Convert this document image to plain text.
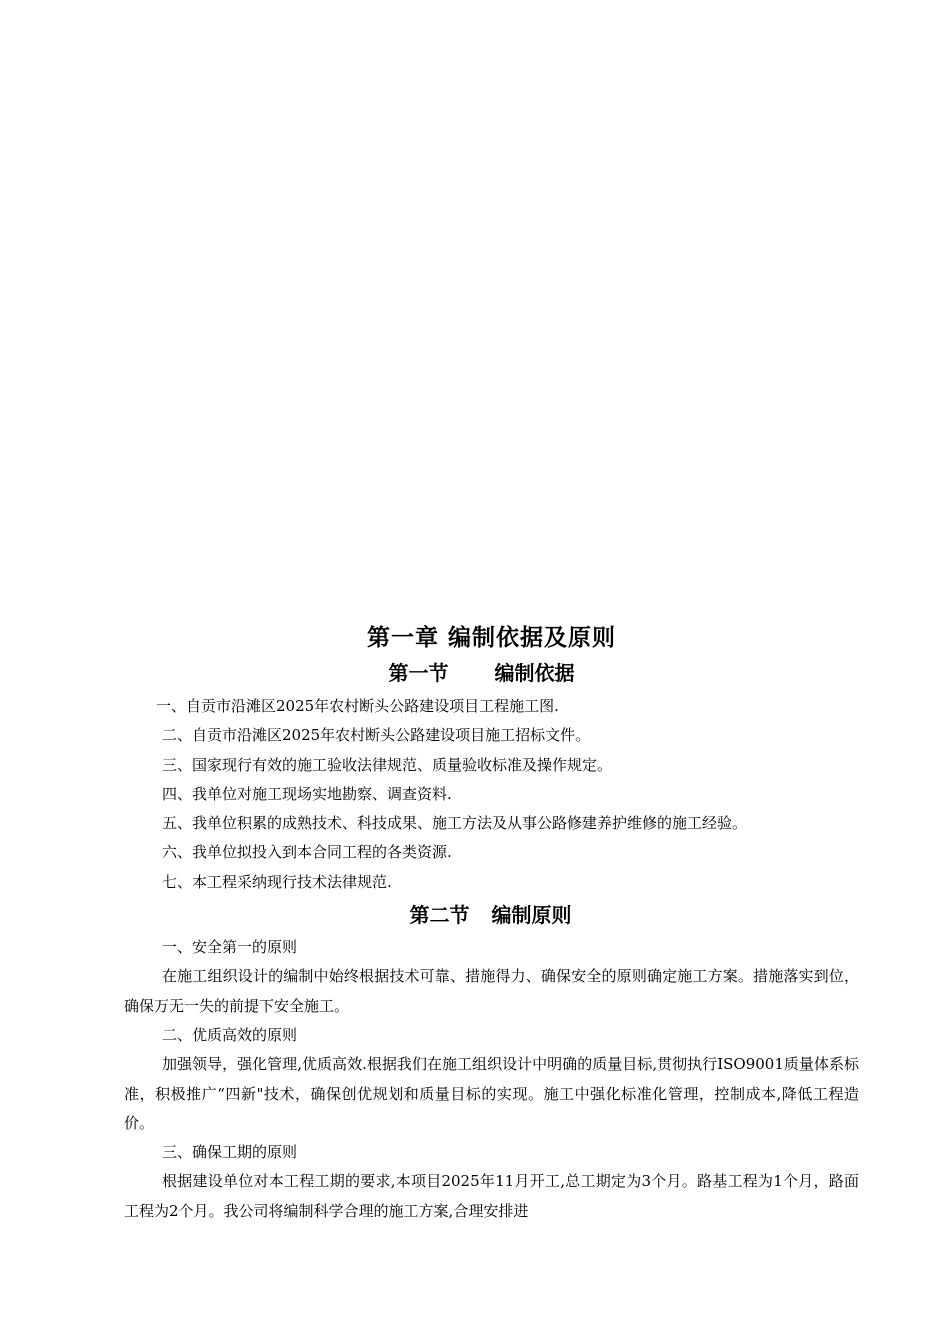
第一章 编制依据及原则
第一节 编制依据

一、自贡市沿滩区2025年农村断头公路建设项目工程施工图.

二、自贡市沿滩区2025年农村断头公路建设项目施工招标文件。

三、国家现行有效的施工验收法律规范、质量验收标准及操作规定。

四、我单位对施工现场实地勘察、调查资料.

五、我单位积累的成熟技术、科技成果、施工方法及从事公路修建养护维修的施工经验。

六、我单位拟投入到本合同工程的各类资源.

七、本工程采纳现行技术法律规范.

第二节 编制原则

一、安全第一的原则

在施工组织设计的编制中始终根据技术可靠、措施得力、确保安全的原则确定施工方案。措施落实到位，确保万无一失的前提下安全施工。

二、优质高效的原则

加强领导，强化管理,优质高效.根据我们在施工组织设计中明确的质量目标,贯彻执行ISO9001质量体系标准，积极推广“四新"技术，确保创优规划和质量目标的实现。施工中强化标准化管理，控制成本,降低工程造价。

三、确保工期的原则

根据建设单位对本工程工期的要求,本项目2025年11月开工,总工期定为3个月。路基工程为1个月，路面工程为2个月。我公司将编制科学合理的施工方案,合理安排进
